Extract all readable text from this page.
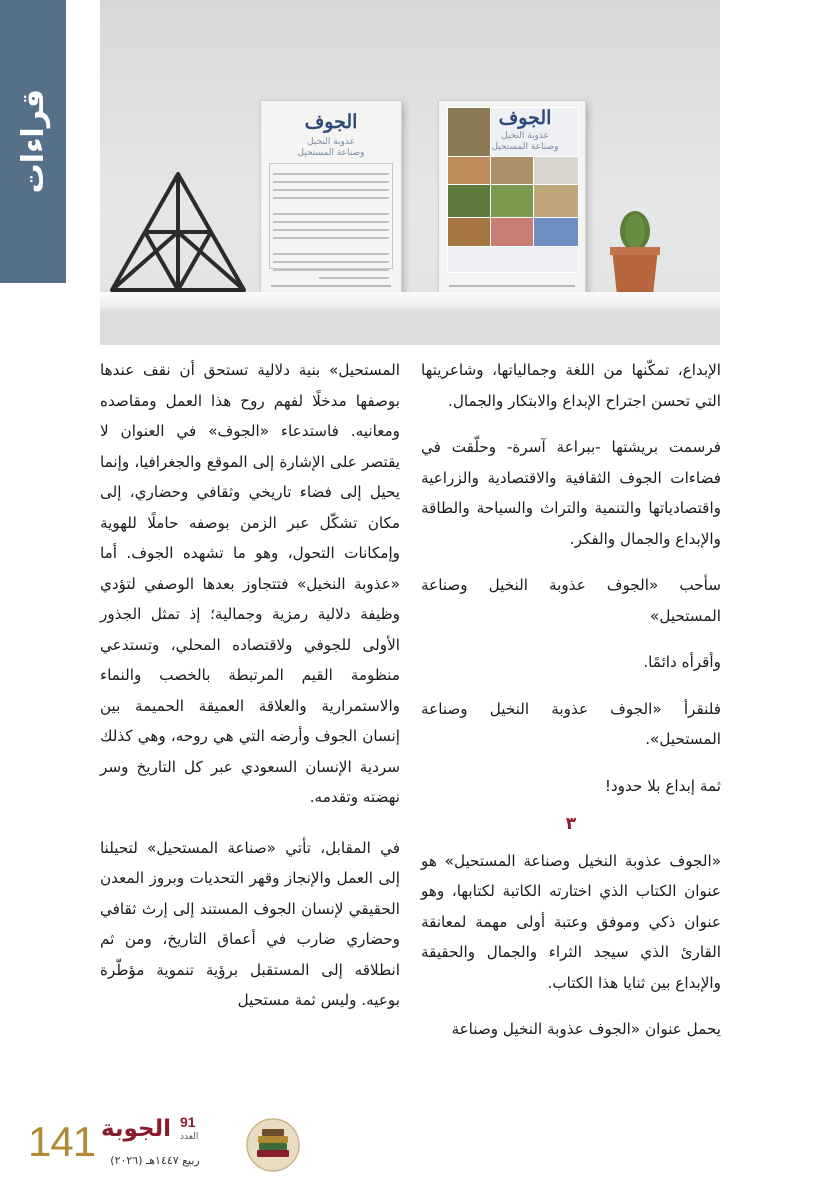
قراءات	الجوف
عذوبة النخيل
وصناعة المستحيل
الجوف
عذوبة النخيل
وصناعة المستحيل

الإبداع، تمكّنها من اللغة وجمالياتها، وشاعريتها التي تحسن اجتراح الإبداع والابتكار والجمال.

فرسمت بريشتها -ببراعة آسرة- وحلّقت في فضاءات الجوف الثقافية والاقتصادية والزراعية واقتصادياتها والتنمية والتراث والسياحة والطاقة والإبداع والجمال والفكر.

سأحب «الجوف عذوبة النخيل وصناعة المستحيل»

وأقرأه دائمًا.

فلنقرأ «الجوف عذوبة النخيل وصناعة المستحيل».

ثمة إبداع بلا حدود!

٣

«الجوف عذوبة النخيل وصناعة المستحيل» هو عنوان الكتاب الذي اختارته الكاتبة لكتابها، وهو عنوان ذكي وموفق وعتبة أولى مهمة لمعانقة القارئ الذي سيجد الثراء والجمال والحقيقة والإبداع بين ثنايا هذا الكتاب.

يحمل عنوان «الجوف عذوبة النخيل وصناعة

المستحيل» بنية دلالية تستحق أن نقف عندها بوصفها مدخلًا لفهم روح هذا العمل ومقاصده ومعانيه. فاستدعاء «الجوف» في العنوان لا يقتصر على الإشارة إلى الموقع والجغرافيا، وإنما يحيل إلى فضاء تاريخي وثقافي وحضاري، إلى مكان تشكّل عبر الزمن بوصفه حاملًا للهوية وإمكانات التحول، وهو ما تشهده الجوف. أما «عذوبة النخيل» فتتجاوز بعدها الوصفي لتؤدي وظيفة دلالية رمزية وجمالية؛ إذ تمثل الجذور الأولى للجوفي ولاقتصاده المحلي، وتستدعي منظومة القيم المرتبطة بالخصب والنماء والاستمرارية والعلاقة العميقة الحميمة بين إنسان الجوف وأرضه التي هي روحه، وهي كذلك سردية الإنسان السعودي عبر كل التاريخ وسر نهضته وتقدمه.

في المقابل، تأتي «صناعة المستحيل» لتحيلنا إلى العمل والإنجاز وقهر التحديات وبروز المعدن الحقيقي لإنسان الجوف المستند إلى إرث ثقافي وحضاري ضارب في أعماق التاريخ، ومن ثم انطلاقه إلى المستقبل برؤية تنموية مؤطّرة بوعيه. وليس ثمة مستحيل

141 الجوبة 91
العدد
ربيع ١٤٤٧هـ (٢٠٢٦)
